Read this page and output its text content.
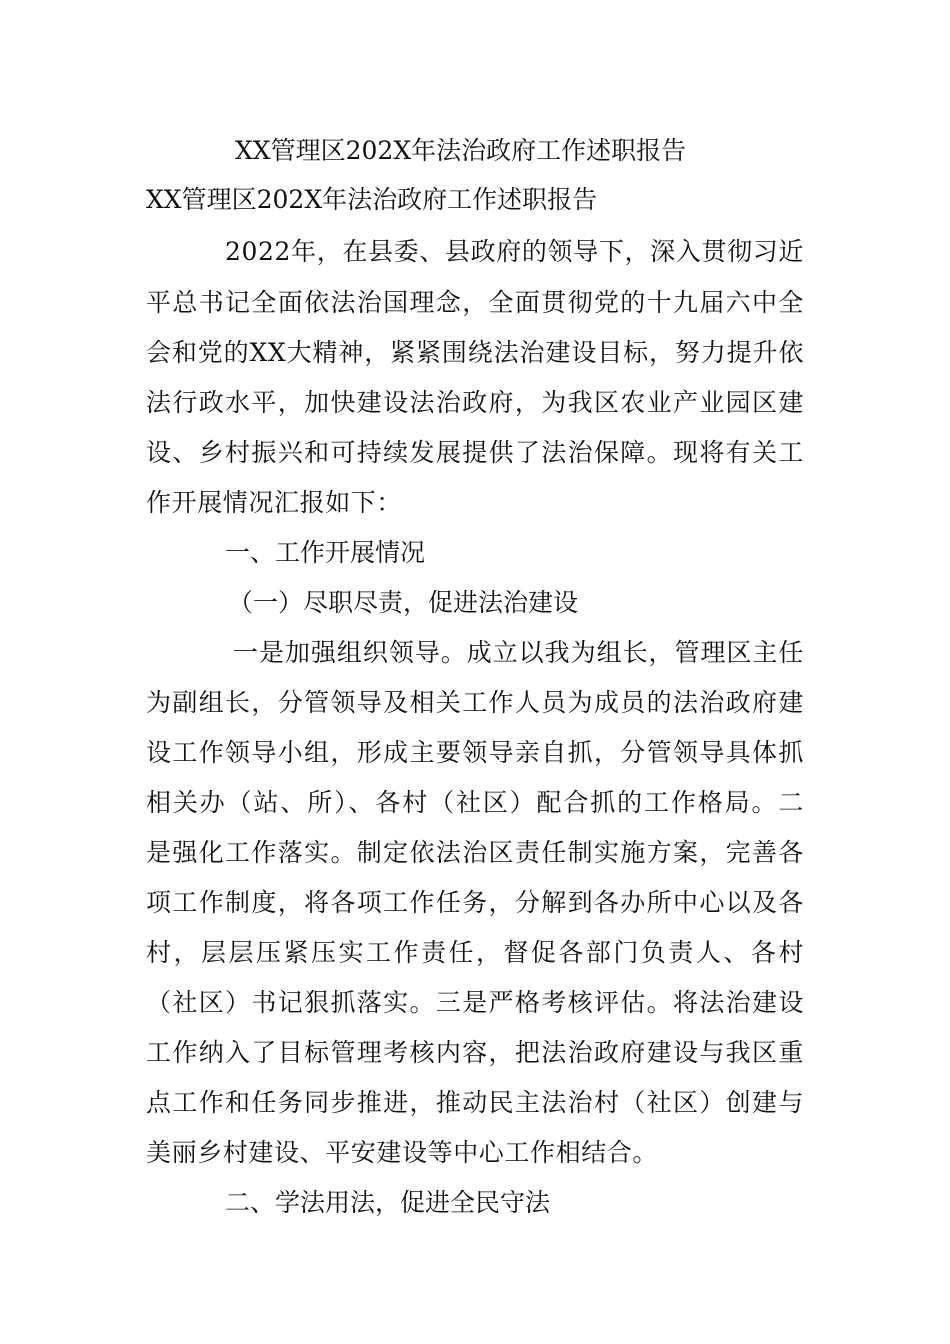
XX管理区202X年法治政府工作述职报告

XX管理区202X年法治政府工作述职报告

2022年，在县委、县政府的领导下，深入贯彻习近

平总书记全面依法治国理念，全面贯彻党的十九届六中全

会和党的XX大精神，紧紧围绕法治建设目标，努力提升依

法行政水平，加快建设法治政府，为我区农业产业园区建

设、乡村振兴和可持续发展提供了法治保障。现将有关工

作开展情况汇报如下：

一、工作开展情况

（一）尽职尽责，促进法治建设

一是加强组织领导。成立以我为组长，管理区主任

为副组长，分管领导及相关工作人员为成员的法治政府建

设工作领导小组，形成主要领导亲自抓，分管领导具体抓

相关办（站、所）、各村（社区）配合抓的工作格局。二

是强化工作落实。制定依法治区责任制实施方案，完善各

项工作制度，将各项工作任务，分解到各办所中心以及各

村，层层压紧压实工作责任，督促各部门负责人、各村

（社区）书记狠抓落实。三是严格考核评估。将法治建设

工作纳入了目标管理考核内容，把法治政府建设与我区重

点工作和任务同步推进，推动民主法治村（社区）创建与

美丽乡村建设、平安建设等中心工作相结合。

二、学法用法，促进全民守法
